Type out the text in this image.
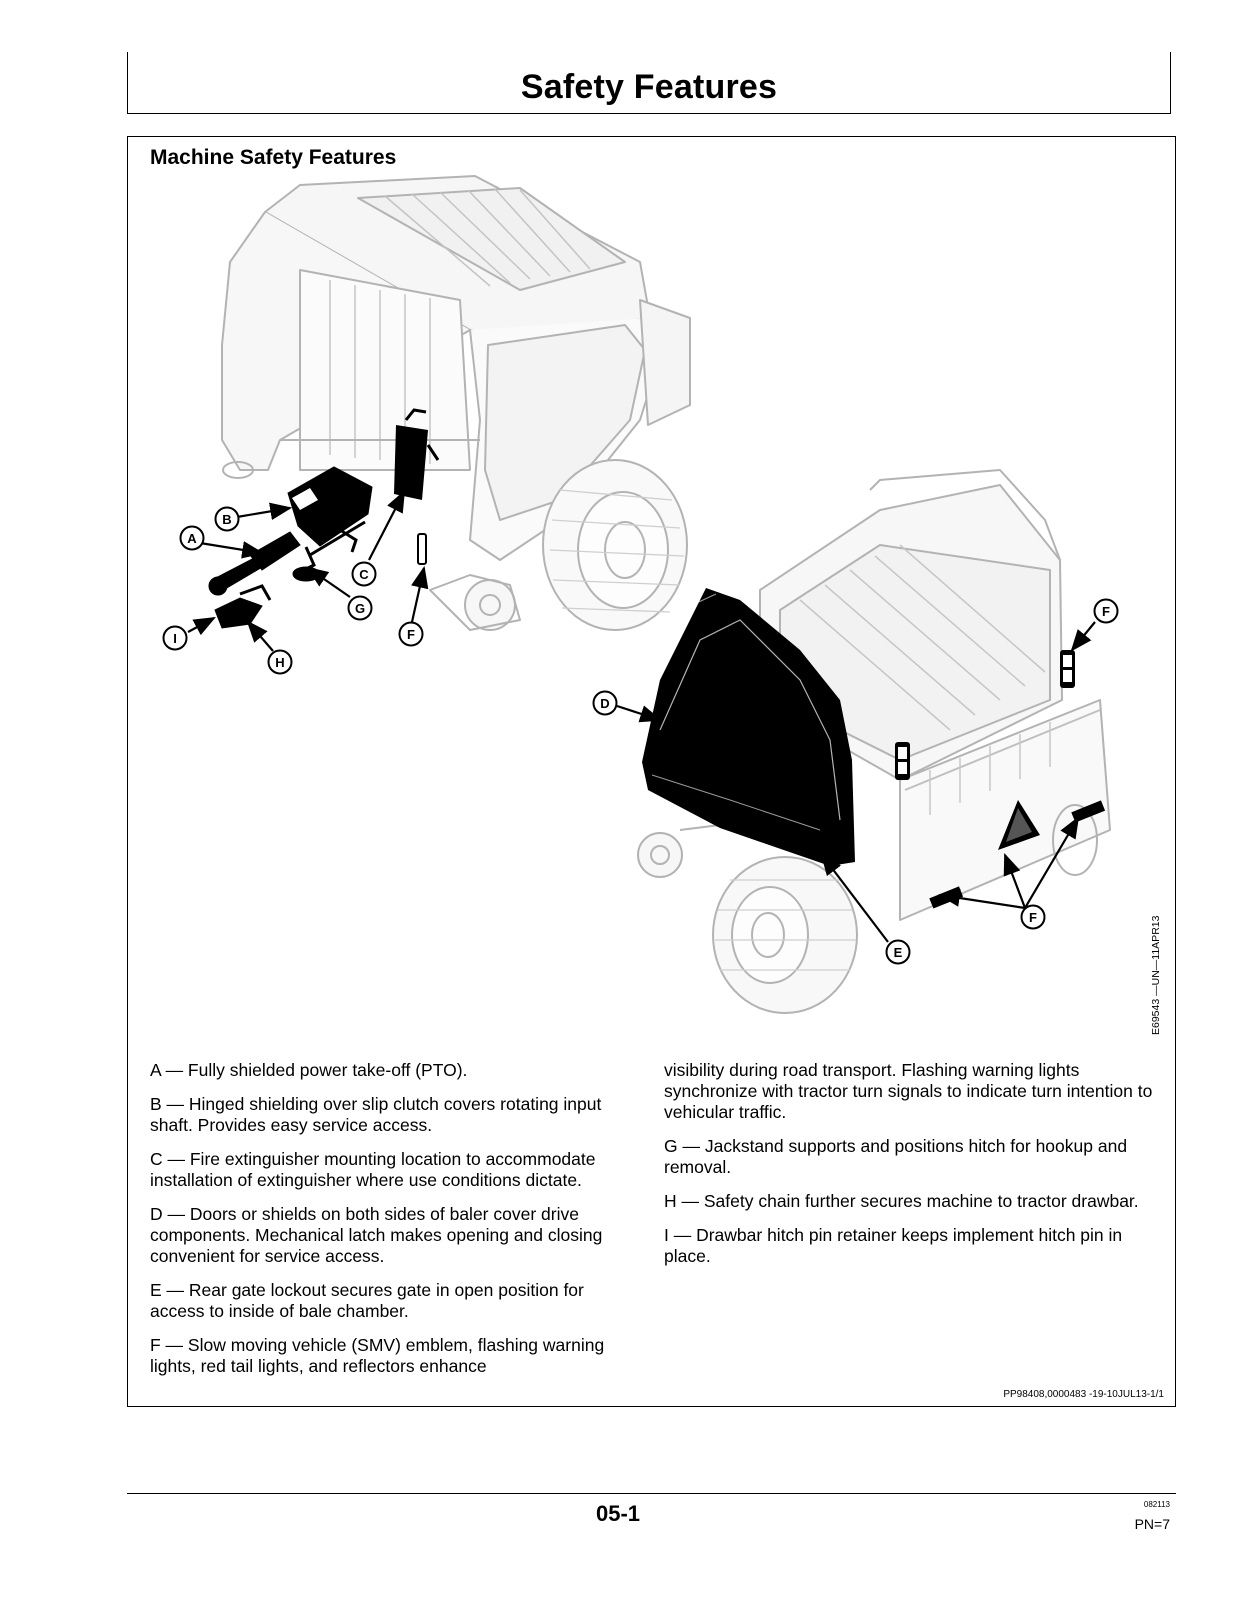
Safety Features
Machine Safety Features
A
B
C
D
E
F
F
F
G
H
I
E69543 —UN—11APR13

A — Fully shielded power take-off (PTO).

B — Hinged shielding over slip clutch covers rotating input shaft. Provides easy service access.

C — Fire extinguisher mounting location to accommodate installation of extinguisher where use conditions dictate.

D — Doors or shields on both sides of baler cover drive components. Mechanical latch makes opening and closing convenient for service access.

E — Rear gate lockout secures gate in open position for access to inside of bale chamber.

F — Slow moving vehicle (SMV) emblem, flashing warning lights, red tail lights, and reflectors enhance

visibility during road transport. Flashing warning lights synchronize with tractor turn signals to indicate turn intention to vehicular traffic.

G — Jackstand supports and positions hitch for hookup and removal.

H — Safety chain further secures machine to tractor drawbar.

I — Drawbar hitch pin retainer keeps implement hitch pin in place.

PP98408,0000483 -19-10JUL13-1/1
05-1	082113
PN=7
